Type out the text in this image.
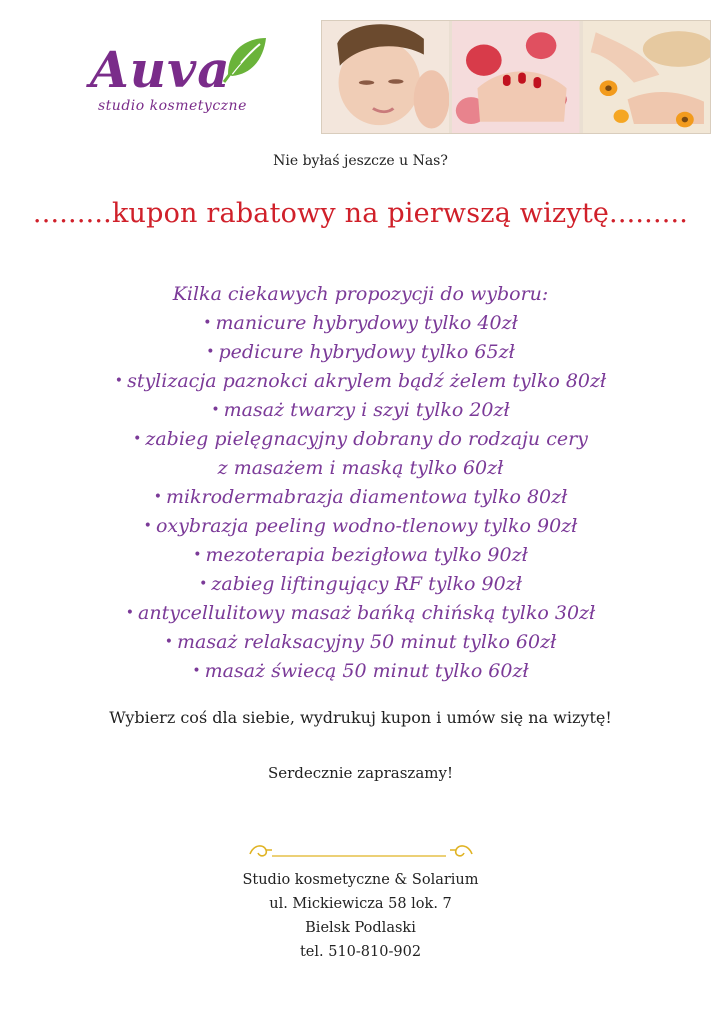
Auva
studio kosmetyczne
Nie byłaś jeszcze u Nas?
.........kupon rabatowy na pierwszą wizytę.........
Kilka ciekawych propozycji do wyboru:
• manicure hybrydowy tylko 40zł
• pedicure hybrydowy tylko 65zł
• stylizacja paznokci akrylem bądź żelem tylko 80zł
• masaż twarzy i szyi tylko 20zł
• zabieg pielęgnacyjny dobrany do rodzaju cery
z masażem i maską tylko 60zł
• mikrodermabrazja diamentowa tylko 80zł
• oxybrazja peeling wodno-tlenowy tylko 90zł
• mezoterapia bezigłowa tylko 90zł
• zabieg liftingujący RF tylko 90zł
• antycellulitowy masaż bańką chińską tylko 30zł
• masaż relaksacyjny 50 minut tylko 60zł
• masaż świecą 50 minut tylko 60zł
Wybierz coś dla siebie, wydrukuj kupon i umów się na wizytę!
Serdecznie zapraszamy!
Studio kosmetyczne & Solarium
ul. Mickiewicza 58 lok. 7
Bielsk Podlaski
tel. 510-810-902
